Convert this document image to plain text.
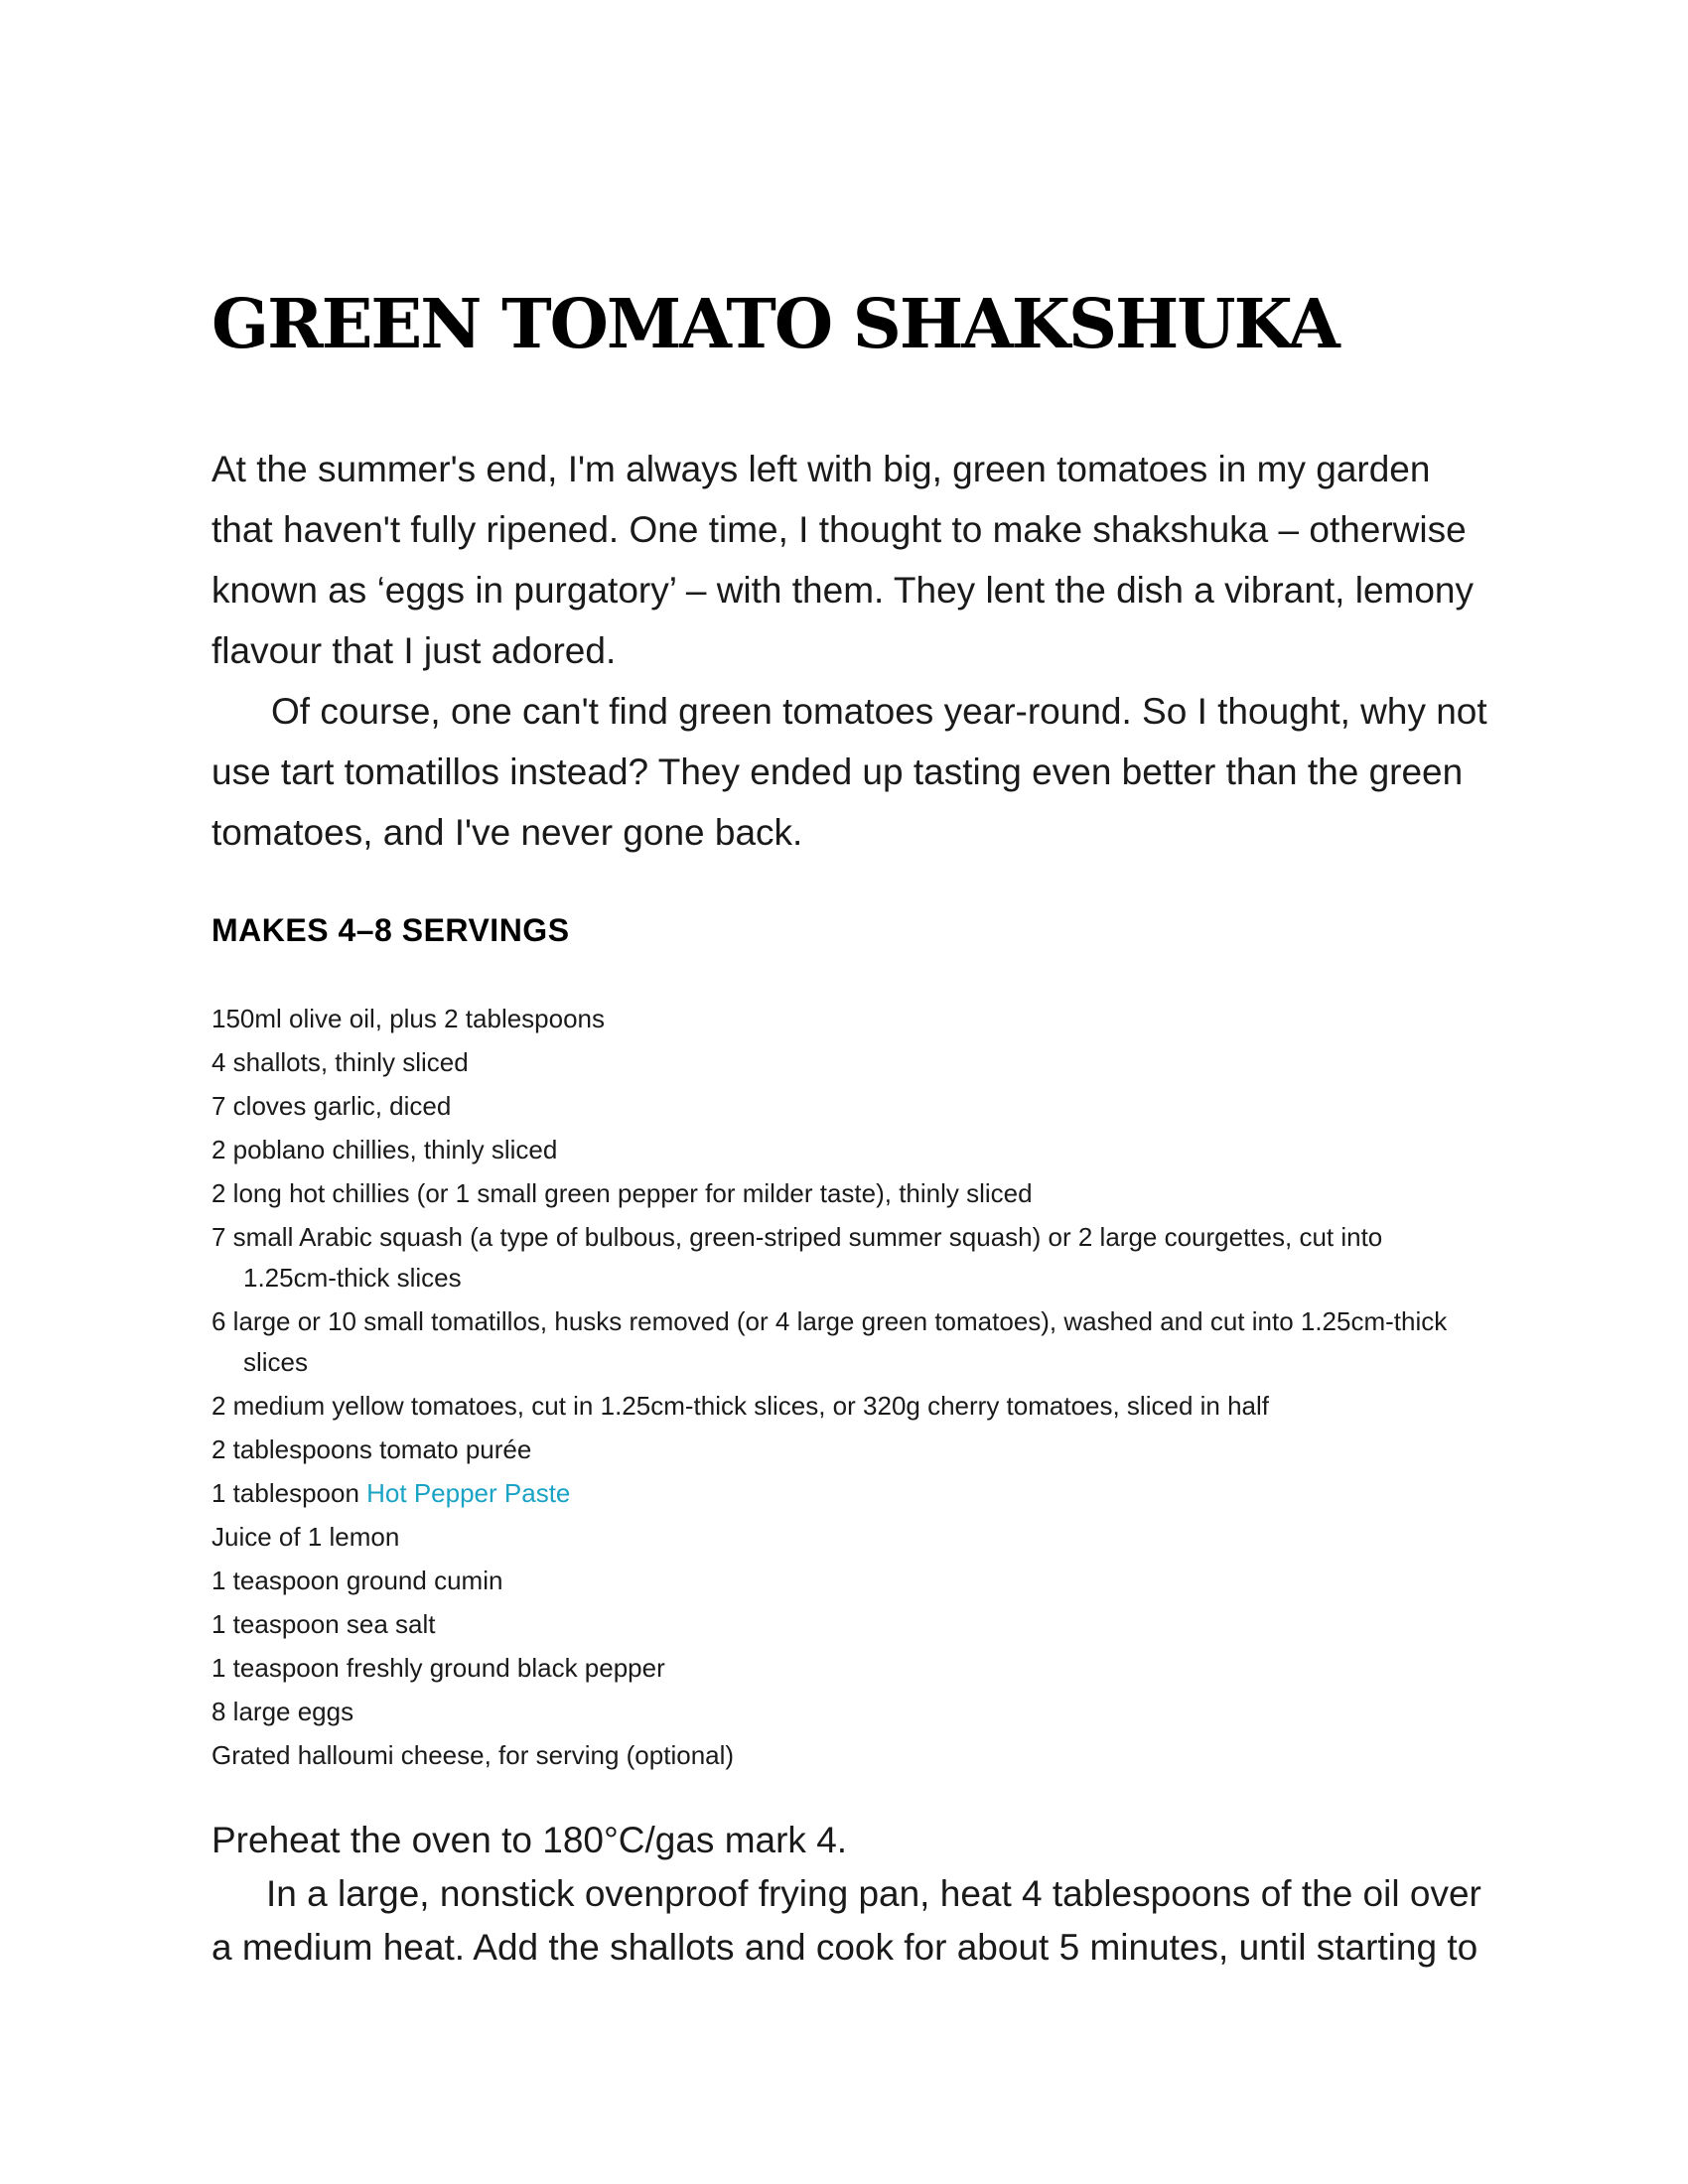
GREEN TOMATO SHAKSHUKA

At the summer's end, I'm always left with big, green tomatoes in my garden that haven't fully ripened. One time, I thought to make shakshuka – otherwise known as ‘eggs in purgatory’ – with them. They lent the dish a vibrant, lemony flavour that I just adored.

Of course, one can't find green tomatoes year-round. So I thought, why not use tart tomatillos instead? They ended up tasting even better than the green tomatoes, and I've never gone back.

MAKES 4–8 SERVINGS
150ml olive oil, plus 2 tablespoons
4 shallots, thinly sliced
7 cloves garlic, diced
2 poblano chillies, thinly sliced
2 long hot chillies (or 1 small green pepper for milder taste), thinly sliced
7 small Arabic squash (a type of bulbous, green-striped summer squash) or 2 large courgettes, cut into 1.25cm-thick slices
6 large or 10 small tomatillos, husks removed (or 4 large green tomatoes), washed and cut into 1.25cm-thick slices
2 medium yellow tomatoes, cut in 1.25cm-thick slices, or 320g cherry tomatoes, sliced in half
2 tablespoons tomato purée
1 tablespoon Hot Pepper Paste
Juice of 1 lemon
1 teaspoon ground cumin
1 teaspoon sea salt
1 teaspoon freshly ground black pepper
8 large eggs
Grated halloumi cheese, for serving (optional)

Preheat the oven to 180°C/gas mark 4.

In a large, nonstick ovenproof frying pan, heat 4 tablespoons of the oil over a medium heat. Add the shallots and cook for about 5 minutes, until starting to
